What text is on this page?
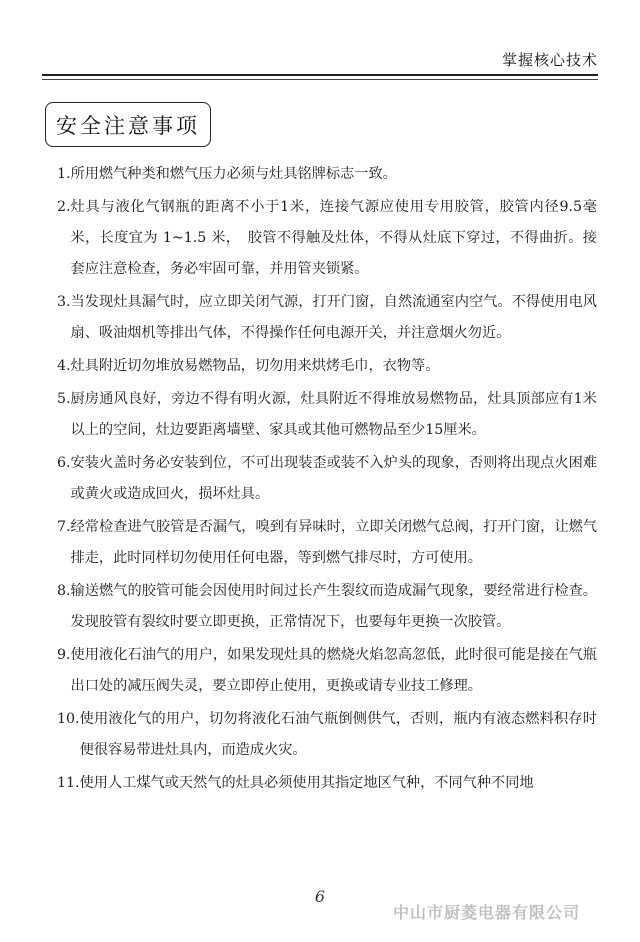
掌握核心技术
安全注意事项
1. 所用燃气种类和燃气压力必须与灶具铭牌标志一致。
2. 灶具与液化气钢瓶的距离不小于1米，连接气源应使用专用胶管，胶管内径9.5毫米，长度宜为 1~1.5 米，　胶管不得触及灶体，不得从灶底下穿过，不得曲折。接套应注意检查，务必牢固可靠，并用管夹锁紧。
3. 当发现灶具漏气时，应立即关闭气源，打开门窗，自然流通室内空气。不得使用电风扇、吸油烟机等排出气体，不得操作任何电源开关，并注意烟火勿近。
4. 灶具附近切勿堆放易燃物品，切勿用来烘烤毛巾，衣物等。
5. 厨房通风良好，旁边不得有明火源，灶具附近不得堆放易燃物品，灶具顶部应有1米以上的空间，灶边要距离墙壁、家具或其他可燃物品至少15厘米。
6. 安装火盖时务必安装到位，不可出现装歪或装不入炉头的现象，否则将出现点火困难或黄火或造成回火，损坏灶具。
7. 经常检查进气胶管是否漏气，嗅到有异味时，立即关闭燃气总阀，打开门窗，让燃气排走，此时同样切勿使用任何电器，等到燃气排尽时，方可使用。
8. 输送燃气的胶管可能会因使用时间过长产生裂纹而造成漏气现象，要经常进行检查。发现胶管有裂纹时要立即更换，正常情况下，也要每年更换一次胶管。
9. 使用液化石油气的用户，如果发现灶具的燃烧火焰忽高忽低，此时很可能是接在气瓶出口处的减压阀失灵，要立即停止使用，更换或请专业技工修理。
10. 使用液化气的用户，切勿将液化石油气瓶倒侧供气，否则，瓶内有液态燃料积存时便很容易带进灶具内，而造成火灾。
11. 使用人工煤气或天然气的灶具必须使用其指定地区气种，不同气种不同地
6
中山市厨菱电器有限公司
